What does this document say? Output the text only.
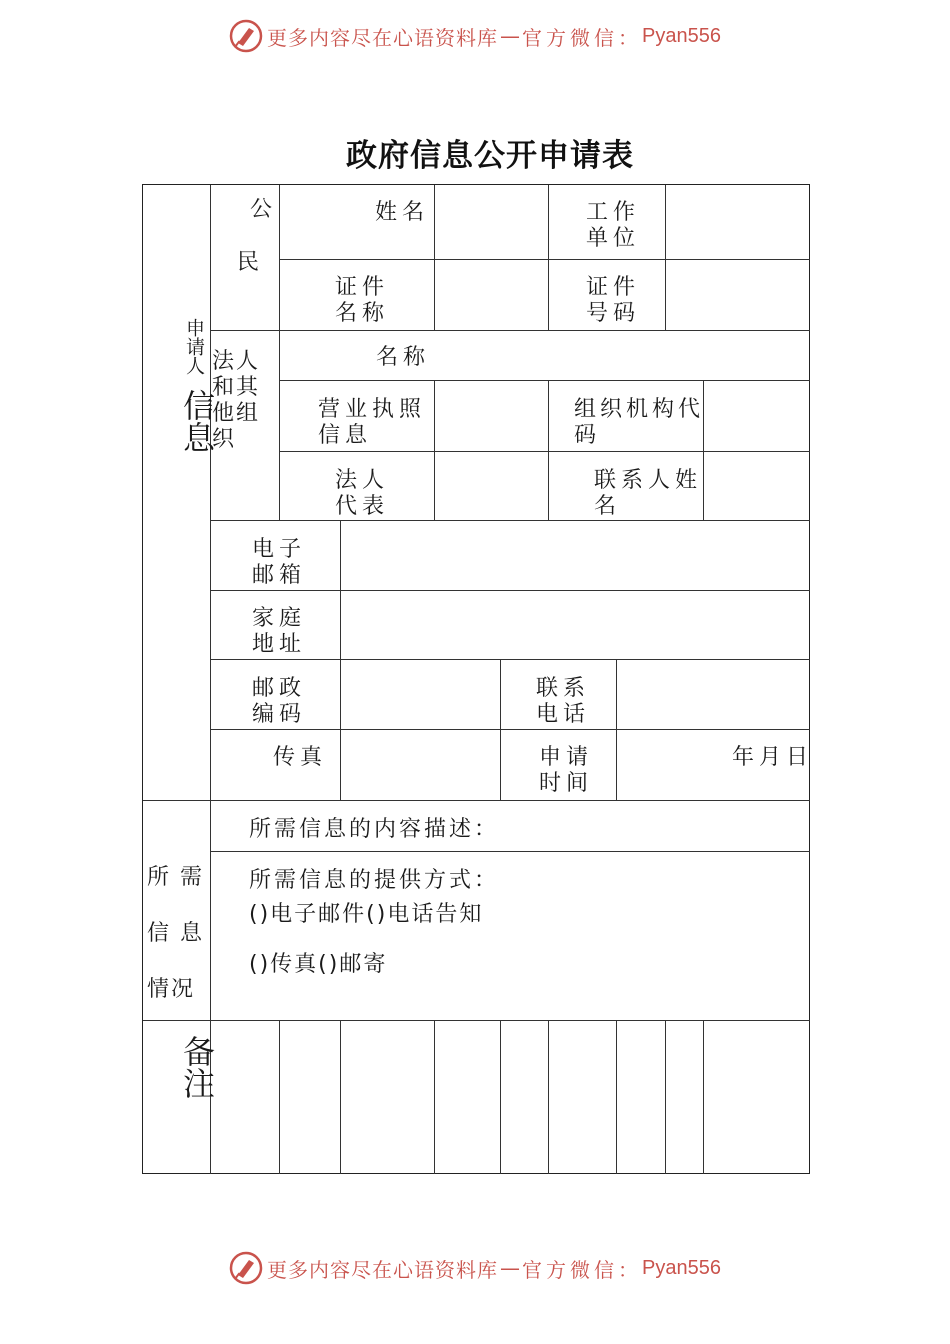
更多内容尽在心语资料库 — 官方微信： Pyan556
政府信息公开申请表
申请人
信息
公
民
姓名	工作单位
证件名称
证件号码
法人和其他组织
名称
营业执照信息
组织机构代码
法人代表
联系人姓名
电子邮箱
家庭地址
邮政编码
联系电话
传真	申请时间
年月日
所 需
信 息
情况
所需信息的内容描述：
所需信息的提供方式：
()电子邮件()电话告知
()传真()邮寄
备注
更多内容尽在心语资料库 — 官方微信： Pyan556
